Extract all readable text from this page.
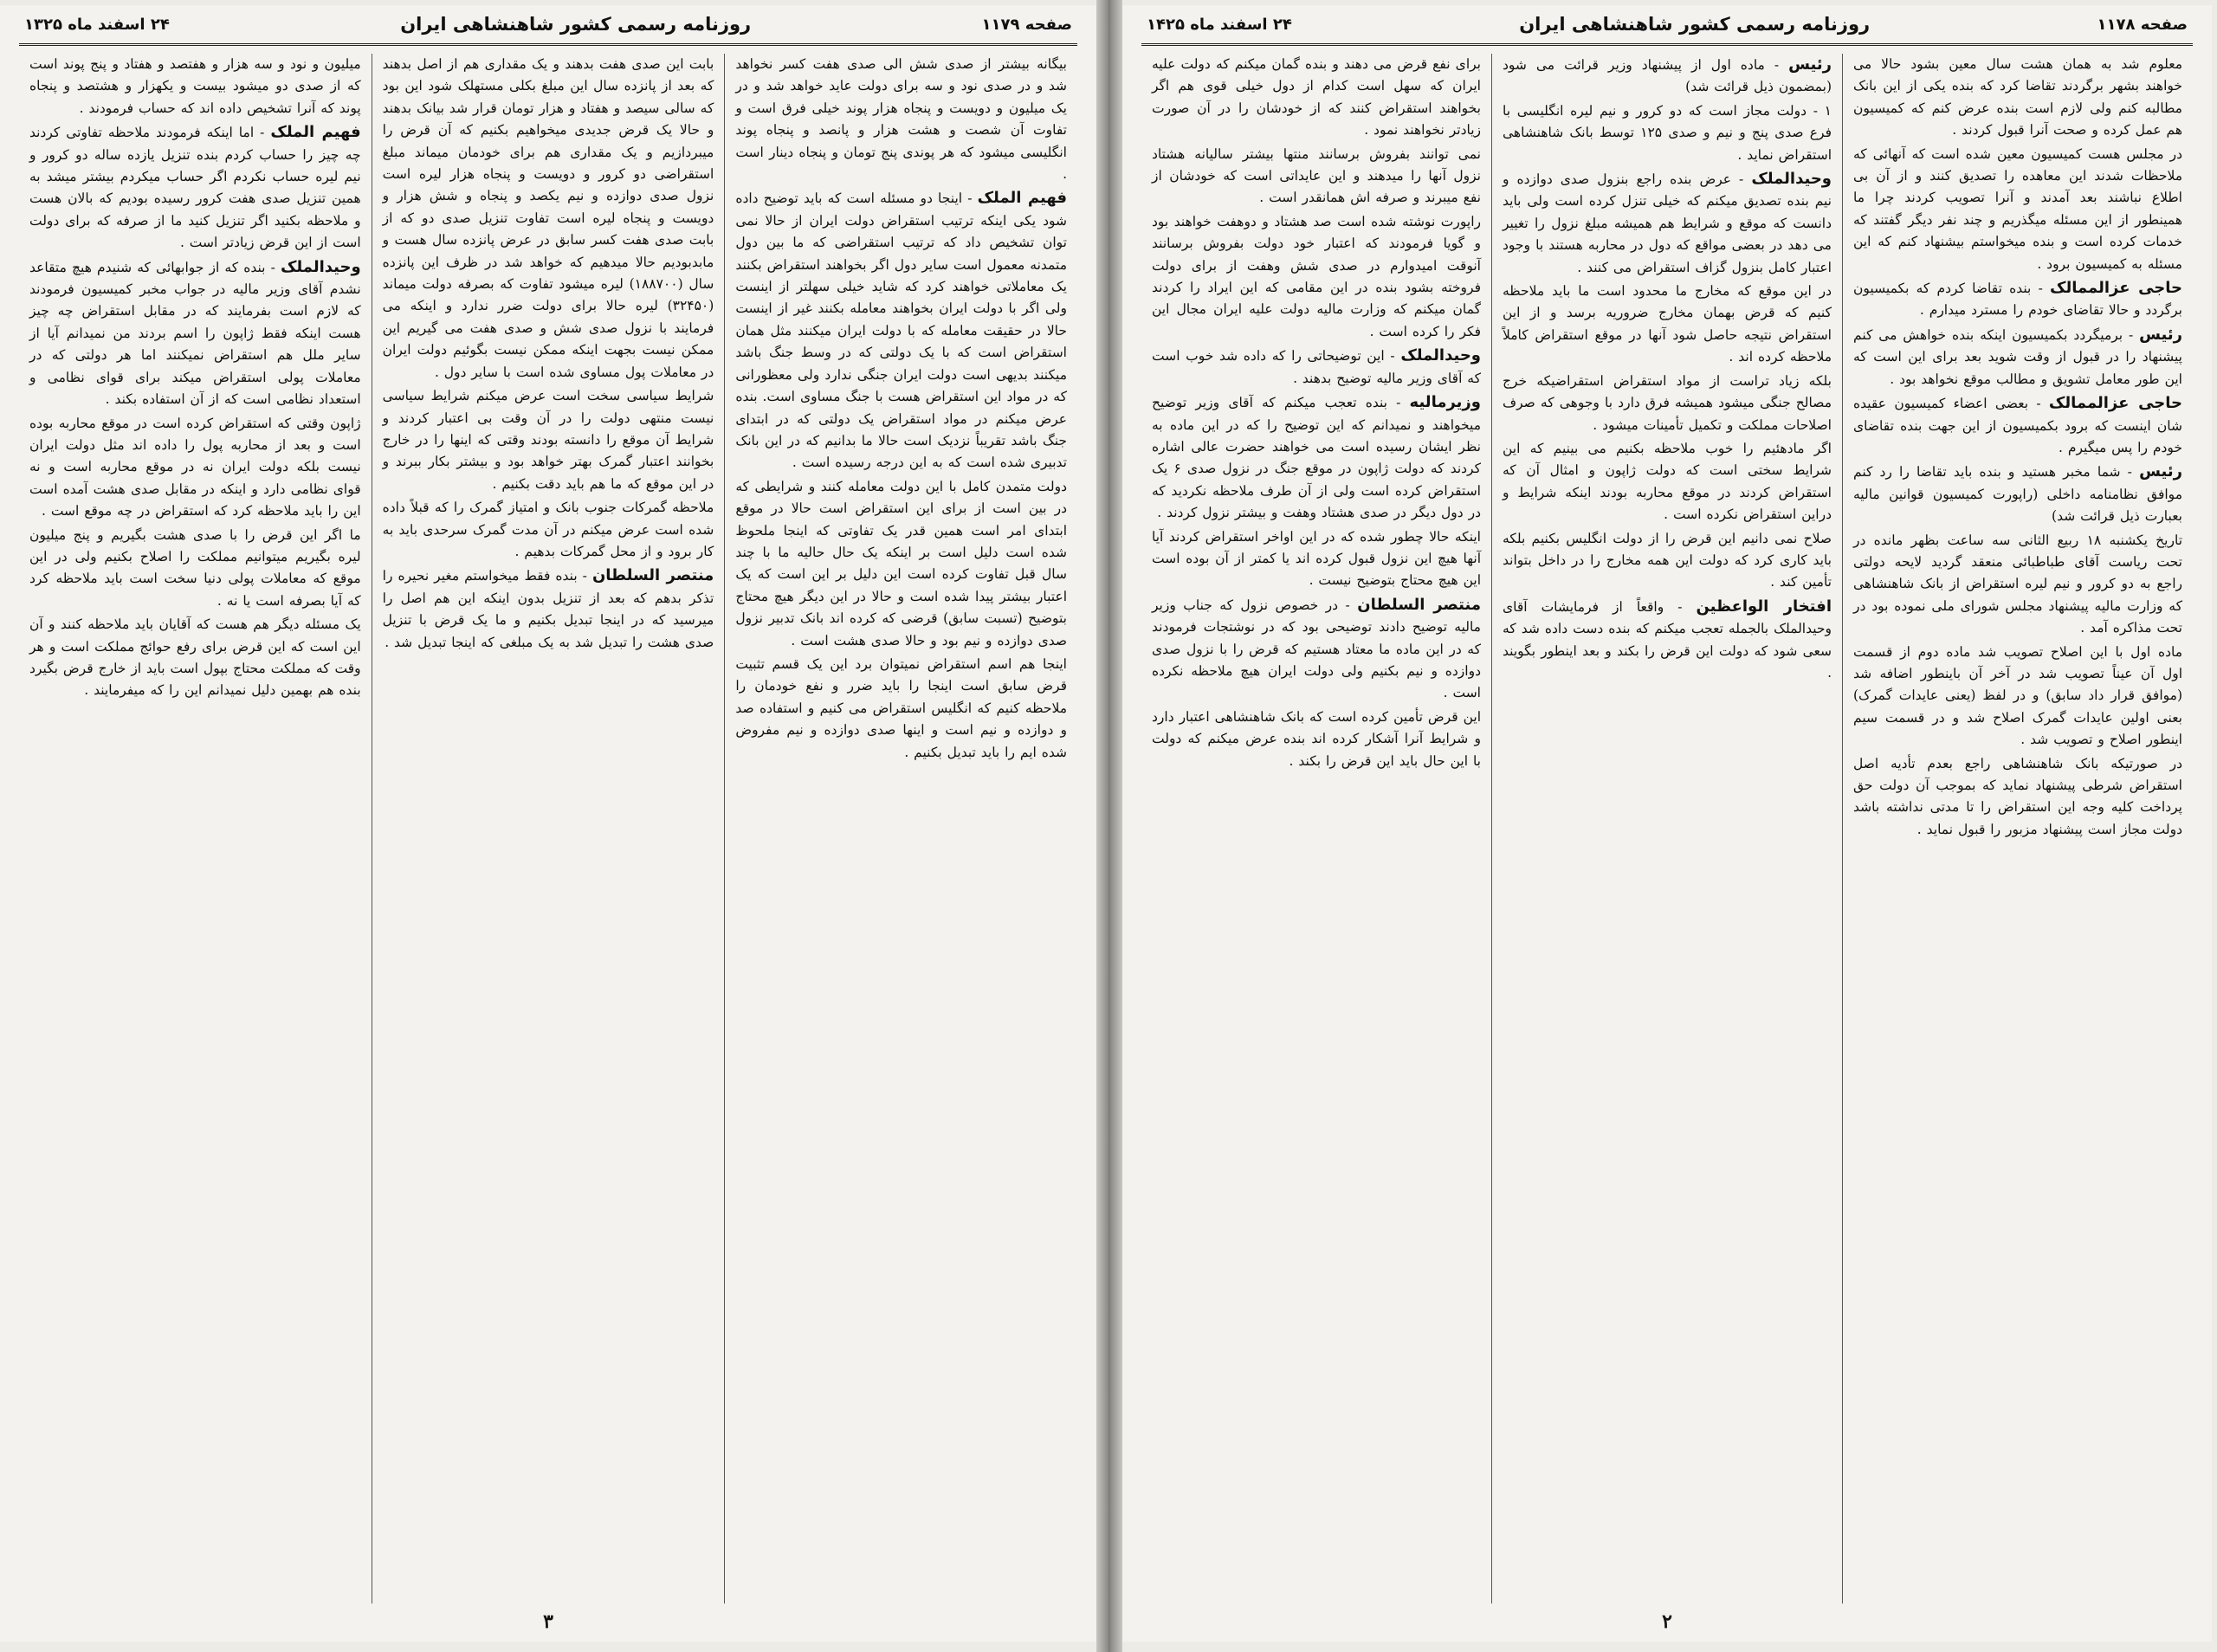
صفحه ۱۱۷۹
روزنامه رسمی کشور شاهنشاهی ایران
۲۴ اسفند ماه ۱۳۲۵

بیگانه بیشتر از صدی شش الی صدی هفت کسر نخواهد شد و در صدی نود و سه برای دولت عاید خواهد شد و در یک میلیون و دویست و پنجاه هزار پوند خیلی فرق است و تفاوت آن شصت و هشت هزار و پانصد و پنجاه پوند انگلیسی میشود که هر پوندی پنج تومان و پنجاه دینار است .

فهیم الملک - اینجا دو مسئله است که باید توضیح داده شود یکی اینکه ترتیب استقراض دولت ایران از حالا نمی توان تشخیص داد که ترتیب استقراضی که ما بین دول متمدنه معمول است سایر دول اگر بخواهند استقراض بکنند یک معاملاتی خواهند کرد که شاید خیلی سهلتر از اینست ولی اگر با دولت ایران بخواهند معامله بکنند غیر از اینست حالا در حقیقت معامله که با دولت ایران میکنند مثل همان استقراض است که با یک دولتی که در وسط جنگ باشد میکنند بدیهی است دولت ایران جنگی ندارد ولی معظورانی که در مواد این استقراض هست با جنگ مساوی است. بنده عرض میکنم در مواد استقراض یک دولتی که در ابتدای جنگ باشد تقریباً نزدیک است حالا ما بدانیم که در این بانک تدبیری شده است که به این درجه رسیده است .

دولت متمدن کامل با این دولت معامله کنند و شرایطی که در بین است از برای این استقراض است حالا در موقع ابتدای امر است همین قدر یک تفاوتی که اینجا ملحوظ شده است دلیل است بر اینکه یک حال حالیه ما با چند سال قبل تفاوت کرده است این دلیل بر این است که یک اعتبار بیشتر پیدا شده است و حالا در این دیگر هیچ محتاج بتوضیح (تسبت سابق) قرضی که کرده اند بانک تدبیر نزول صدی دوازده و نیم بود و حالا صدی هشت است .

اینجا هم اسم استقراض نمیتوان برد این یک قسم تثبیت قرض سابق است اینجا را باید ضرر و نفع خودمان را ملاحظه کنیم که انگلیس استقراض می کنیم و استفاده صد و دوازده و نیم است و اینها صدی دوازده و نیم مفروض شده ایم را باید تبدیل بکنیم .

بابت این صدی هفت بدهند و یک مقداری هم از اصل بدهند که بعد از پانزده سال این مبلغ بکلی مستهلک شود این بود که سالی سیصد و هفتاد و هزار تومان قرار شد بیانک بدهند و حالا یک قرض جدیدی میخواهیم بکنیم که آن قرض را میبردازیم و یک مقداری هم برای خودمان میماند مبلغ استقراضی دو کرور و دویست و پنجاه هزار لیره است نزول صدی دوازده و نیم یکصد و پنجاه و شش هزار و دویست و پنجاه لیره است تفاوت تنزیل صدی دو که از بابت صدی هفت کسر سابق در عرض پانزده سال هست و مابدبودیم حالا میدهیم که خواهد شد در ظرف این پانزده سال (۱۸۸۷۰۰) لیره میشود تفاوت که بصرفه دولت میماند (۳۲۴۵۰) لیره حالا برای دولت ضرر ندارد و اینکه می فرمایند با نزول صدی شش و صدی هفت می گیریم این ممکن نیست بجهت اینکه ممکن نیست بگوئیم دولت ایران در معاملات پول مساوی شده است با سایر دول .

شرایط سیاسی سخت است عرض میکنم شرایط سیاسی نیست منتهی دولت را در آن وقت بی اعتبار کردند و شرایط آن موقع را دانسته بودند وقتی که اینها را در خارج بخوانند اعتبار گمرک بهتر خواهد بود و بیشتر بکار ببرند و در این موقع که ما هم باید دقت بکنیم .

ملاحظه گمرکات جنوب بانک و امتیاز گمرک را که قبلاً داده شده است عرض میکنم در آن مدت گمرک سرحدی باید به کار برود و از محل گمرکات بدهیم .

منتصر السلطان - بنده فقط میخواستم مغیر نحیره را تذکر بدهم که بعد از تنزیل بدون اینکه این هم اصل را میرسید که در اینجا تبدیل بکنیم و ما یک قرض با تنزیل صدی هشت را تبدیل شد به یک مبلغی که اینجا تبدیل شد .

میلیون و نود و سه هزار و هفتصد و هفتاد و پنج پوند است که از صدی دو میشود بیست و یکهزار و هشتصد و پنجاه پوند که آنرا تشخیص داده اند که حساب فرمودند .

فهیم الملک - اما اینکه فرمودند ملاحظه تفاوتی کردند چه چیز را حساب کردم بنده تنزیل یازده ساله دو کرور و نیم لیره حساب نکردم اگر حساب میکردم بیشتر میشد به همین تنزیل صدی هفت کرور رسیده بودیم که بالان هست و ملاحظه بکنید اگر تنزیل کنید ما از صرفه که برای دولت است از این قرض زیادتر است .

وحیدالملک - بنده که از جوابهائی که شنیدم هیچ متقاعد نشدم آقای وزیر مالیه در جواب مخبر کمیسیون فرمودند که لازم است بفرمایند که در مقابل استقراض چه چیز هست اینکه فقط ژاپون را اسم بردند من نمیدانم آیا از سایر ملل هم استقراض نمیکنند اما هر دولتی که در معاملات پولی استقراض میکند برای قوای نظامی و استعداد نظامی است که از آن استفاده بکند .

ژاپون وقتی که استقراض کرده است در موقع محاربه بوده است و بعد از محاربه پول را داده اند مثل دولت ایران نیست بلکه دولت ایران نه در موقع محاربه است و نه قوای نظامی دارد و اینکه در مقابل صدی هشت آمده است این را باید ملاحظه کرد که استقراض در چه موقع است .

ما اگر این قرض را با صدی هشت بگیریم و پنج میلیون لیره بگیریم میتوانیم مملکت را اصلاح بکنیم ولی در این موقع که معاملات پولی دنیا سخت است باید ملاحظه کرد که آیا بصرفه است یا نه .

یک مسئله دیگر هم هست که آقایان باید ملاحظه کنند و آن این است که این قرض برای رفع حوائج مملکت است و هر وقت که مملکت محتاج بپول است باید از خارج قرض بگیرد بنده هم بهمین دلیل نمیدانم این را که میفرمایند .

۳
صفحه ۱۱۷۸
روزنامه رسمی کشور شاهنشاهی ایران
۲۴ اسفند ماه ۱۴۲۵

معلوم شد به همان هشت سال معین بشود حالا می خواهند بشهر برگردند تقاضا کرد که بنده یکی از این بانک مطالبه کنم ولی لازم است بنده عرض کنم که کمیسیون هم عمل کرده و صحت آنرا قبول کردند .

در مجلس هست کمیسیون معین شده است که آنهائی که ملاحظات شدند این معاهده را تصدیق کنند و از آن بی اطلاع نباشند بعد آمدند و آنرا تصویب کردند چرا ما همینطور از این مسئله میگذریم و چند نفر دیگر گفتند که خدمات کرده است و بنده میخواستم بیشنهاد کنم که این مسئله به کمیسیون برود .

حاجی عزالممالک - بنده تقاضا کردم که بکمیسیون برگردد و حالا تقاضای خودم را مسترد میدارم .

رئیس - برمیگردد بکمیسیون اینکه بنده خواهش می کنم پیشنهاد را در قبول از وقت شوید بعد برای این است که این طور معامل تشویق و مطالب موقع نخواهد بود .

حاجی عزالممالک - بعضی اعضاء کمیسیون عقیده شان اینست که برود بکمیسیون از این جهت بنده تقاضای خودم را پس میگیرم .

رئیس - شما مخبر هستید و بنده باید تقاضا را رد کنم موافق نظامنامه داخلی (راپورت کمیسیون قوانین مالیه بعبارت ذیل قرائت شد)

تاریخ یکشنبه ۱۸ ربیع الثانی سه ساعت بظهر مانده در تحت ریاست آقای طباطبائی منعقد گردید لایحه دولتی راجع به دو کرور و نیم لیره استقراض از بانک شاهنشاهی که وزارت مالیه پیشنهاد مجلس شورای ملی نموده بود در تحت مذاکره آمد .

ماده اول با این اصلاح تصویب شد ماده دوم از قسمت اول آن عیناً تصویب شد در آخر آن باینطور اضافه شد (موافق قرار داد سابق) و در لفظ (یعنی عایدات گمرک) بعنی اولین عایدات گمرک اصلاح شد و در قسمت سیم اینطور اصلاح و تصویب شد .

در صورتیکه بانک شاهنشاهی راجع بعدم تأدیه اصل استقراض شرطی پیشنهاد نماید که بموجب آن دولت حق پرداخت کلیه وجه این استقراض را تا مدتی نداشته باشد دولت مجاز است پیشنهاد مزبور را قبول نماید .

رئیس - ماده اول از پیشنهاد وزیر قرائت می شود (بمضمون ذیل قرائت شد)

۱ - دولت مجاز است که دو کرور و نیم لیره انگلیسی با فرع صدی پنج و نیم و صدی ۱۲۵ توسط بانک شاهنشاهی استقراض نماید .

وحیدالملک - عرض بنده راجع بنزول صدی دوازده و نیم بنده تصدیق میکنم که خیلی تنزل کرده است ولی باید دانست که موقع و شرایط هم همیشه مبلغ نزول را تغییر می دهد در بعضی مواقع که دول در محاربه هستند با وجود اعتبار کامل بنزول گزاف استقراض می کنند .

در این موقع که مخارج ما محدود است ما باید ملاحظه کنیم که قرض بهمان مخارج ضروریه برسد و از این استقراض نتیجه حاصل شود آنها در موقع استقراض کاملاً ملاحظه کرده اند .

بلکه زیاد تراست از مواد استقراض استقراضیکه خرج مصالح جنگی میشود همیشه فرق دارد با وجوهی که صرف اصلاحات مملکت و تکمیل تأمینات میشود .

اگر مادهئیم را خوب ملاحظه بکنیم می بینیم که این شرایط سختی است که دولت ژاپون و امثال آن که استقراض کردند در موقع محاربه بودند اینکه شرایط و دراین استقراض نکرده است .

صلاح نمی دانیم این قرض را از دولت انگلیس بکنیم بلکه باید کاری کرد که دولت این همه مخارج را در داخل بتواند تأمین کند .

افتخار الواعظین - واقعاً از فرمایشات آقای وحیدالملک بالجمله تعجب میکنم که بنده دست داده شد که سعی شود که دولت این قرض را بکند و بعد اینطور بگویند .

برای نفع قرض می دهند و بنده گمان میکنم که دولت علیه ایران که سهل است کدام از دول خیلی قوی هم اگر بخواهند استقراض کنند که از خودشان را در آن صورت زیادتر نخواهند نمود .

نمی توانند بفروش برسانند منتها بیشتر سالیانه هشتاد نزول آنها را میدهند و این عایداتی است که خودشان از نفع میبرند و صرفه اش همانقدر است .

راپورت نوشته شده است صد هشتاد و دوهفت خواهند بود و گویا فرمودند که اعتبار خود دولت بفروش برسانند آنوقت امیدوارم در صدی شش وهفت از برای دولت فروخته بشود بنده در این مقامی که این ایراد را کردند گمان میکنم که وزارت مالیه دولت علیه ایران مجال این فکر را کرده است .

وحیدالملک - این توضیحاتی را که داده شد خوب است که آقای وزیر مالیه توضیح بدهند .

وزیرمالیه - بنده تعجب میکنم که آقای وزیر توضیح میخواهند و نمیدانم که این توضیح را که در این ماده به نظر ایشان رسیده است می خواهند حضرت عالی اشاره کردند که دولت ژاپون در موقع جنگ در نزول صدی ۶ یک استقراض کرده است ولی از آن طرف ملاحظه نکردید که در دول دیگر در صدی هشتاد وهفت و بیشتر نزول کردند .

اینکه حالا چطور شده که در این اواخر استقراض کردند آیا آنها هیچ این نزول قبول کرده اند یا کمتر از آن بوده است این هیچ محتاج بتوضیح نیست .

منتصر السلطان - در خصوص نزول که جناب وزیر مالیه توضیح دادند توضیحی بود که در نوشتجات فرمودند که در این ماده ما معتاد هستیم که قرض را با نزول صدی دوازده و نیم بکنیم ولی دولت ایران هیچ ملاحظه نکرده است .

این قرض تأمین کرده است که بانک شاهنشاهی اعتبار دارد و شرایط آنرا آشکار کرده اند بنده عرض میکنم که دولت با این حال باید این قرض را بکند .

۲
